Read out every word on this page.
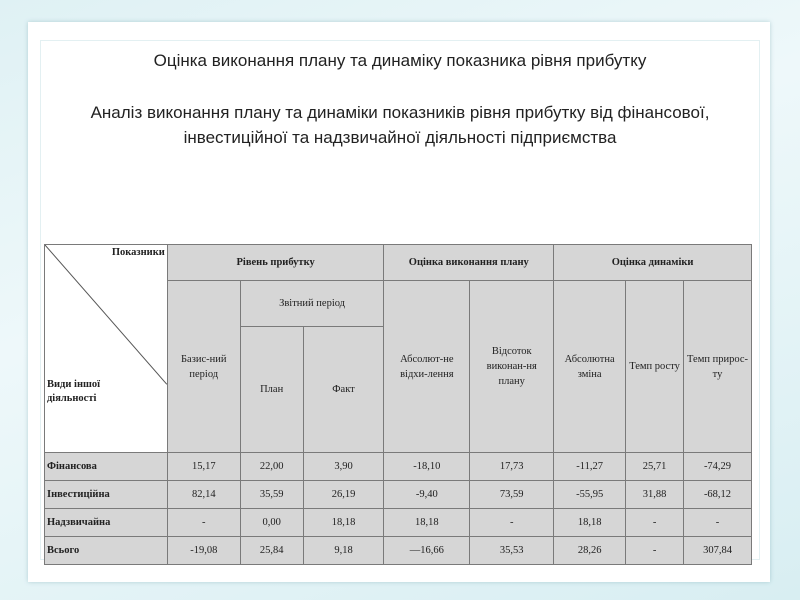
Оцінка виконання плану та динаміку показника рівня прибутку
Аналіз виконання плану та динаміки показників рівня прибутку від фінансової, інвестиційної та надзвичайної діяльності підприємства
Показники
Види іншої діяльності	Рівень прибутку			Оцінка виконання плану		Оцінка динаміки		
	Базис-ний період	Звітний період		Абсолют-не відхи-лення	Відсоток виконан-ня плану	Абсолютна зміна	Темп росту	Темп прирос-ту
		План	Факт					
Фінансова	15,17	22,00	3,90	-18,10	17,73	-11,27	25,71	-74,29
Інвестиційна	82,14	35,59	26,19	-9,40	73,59	-55,95	31,88	-68,12
Надзвичайна	-	0,00	18,18	18,18	-	18,18	-	-
Всього	-19,08	25,84	9,18	—16,66	35,53	28,26	-	307,84
